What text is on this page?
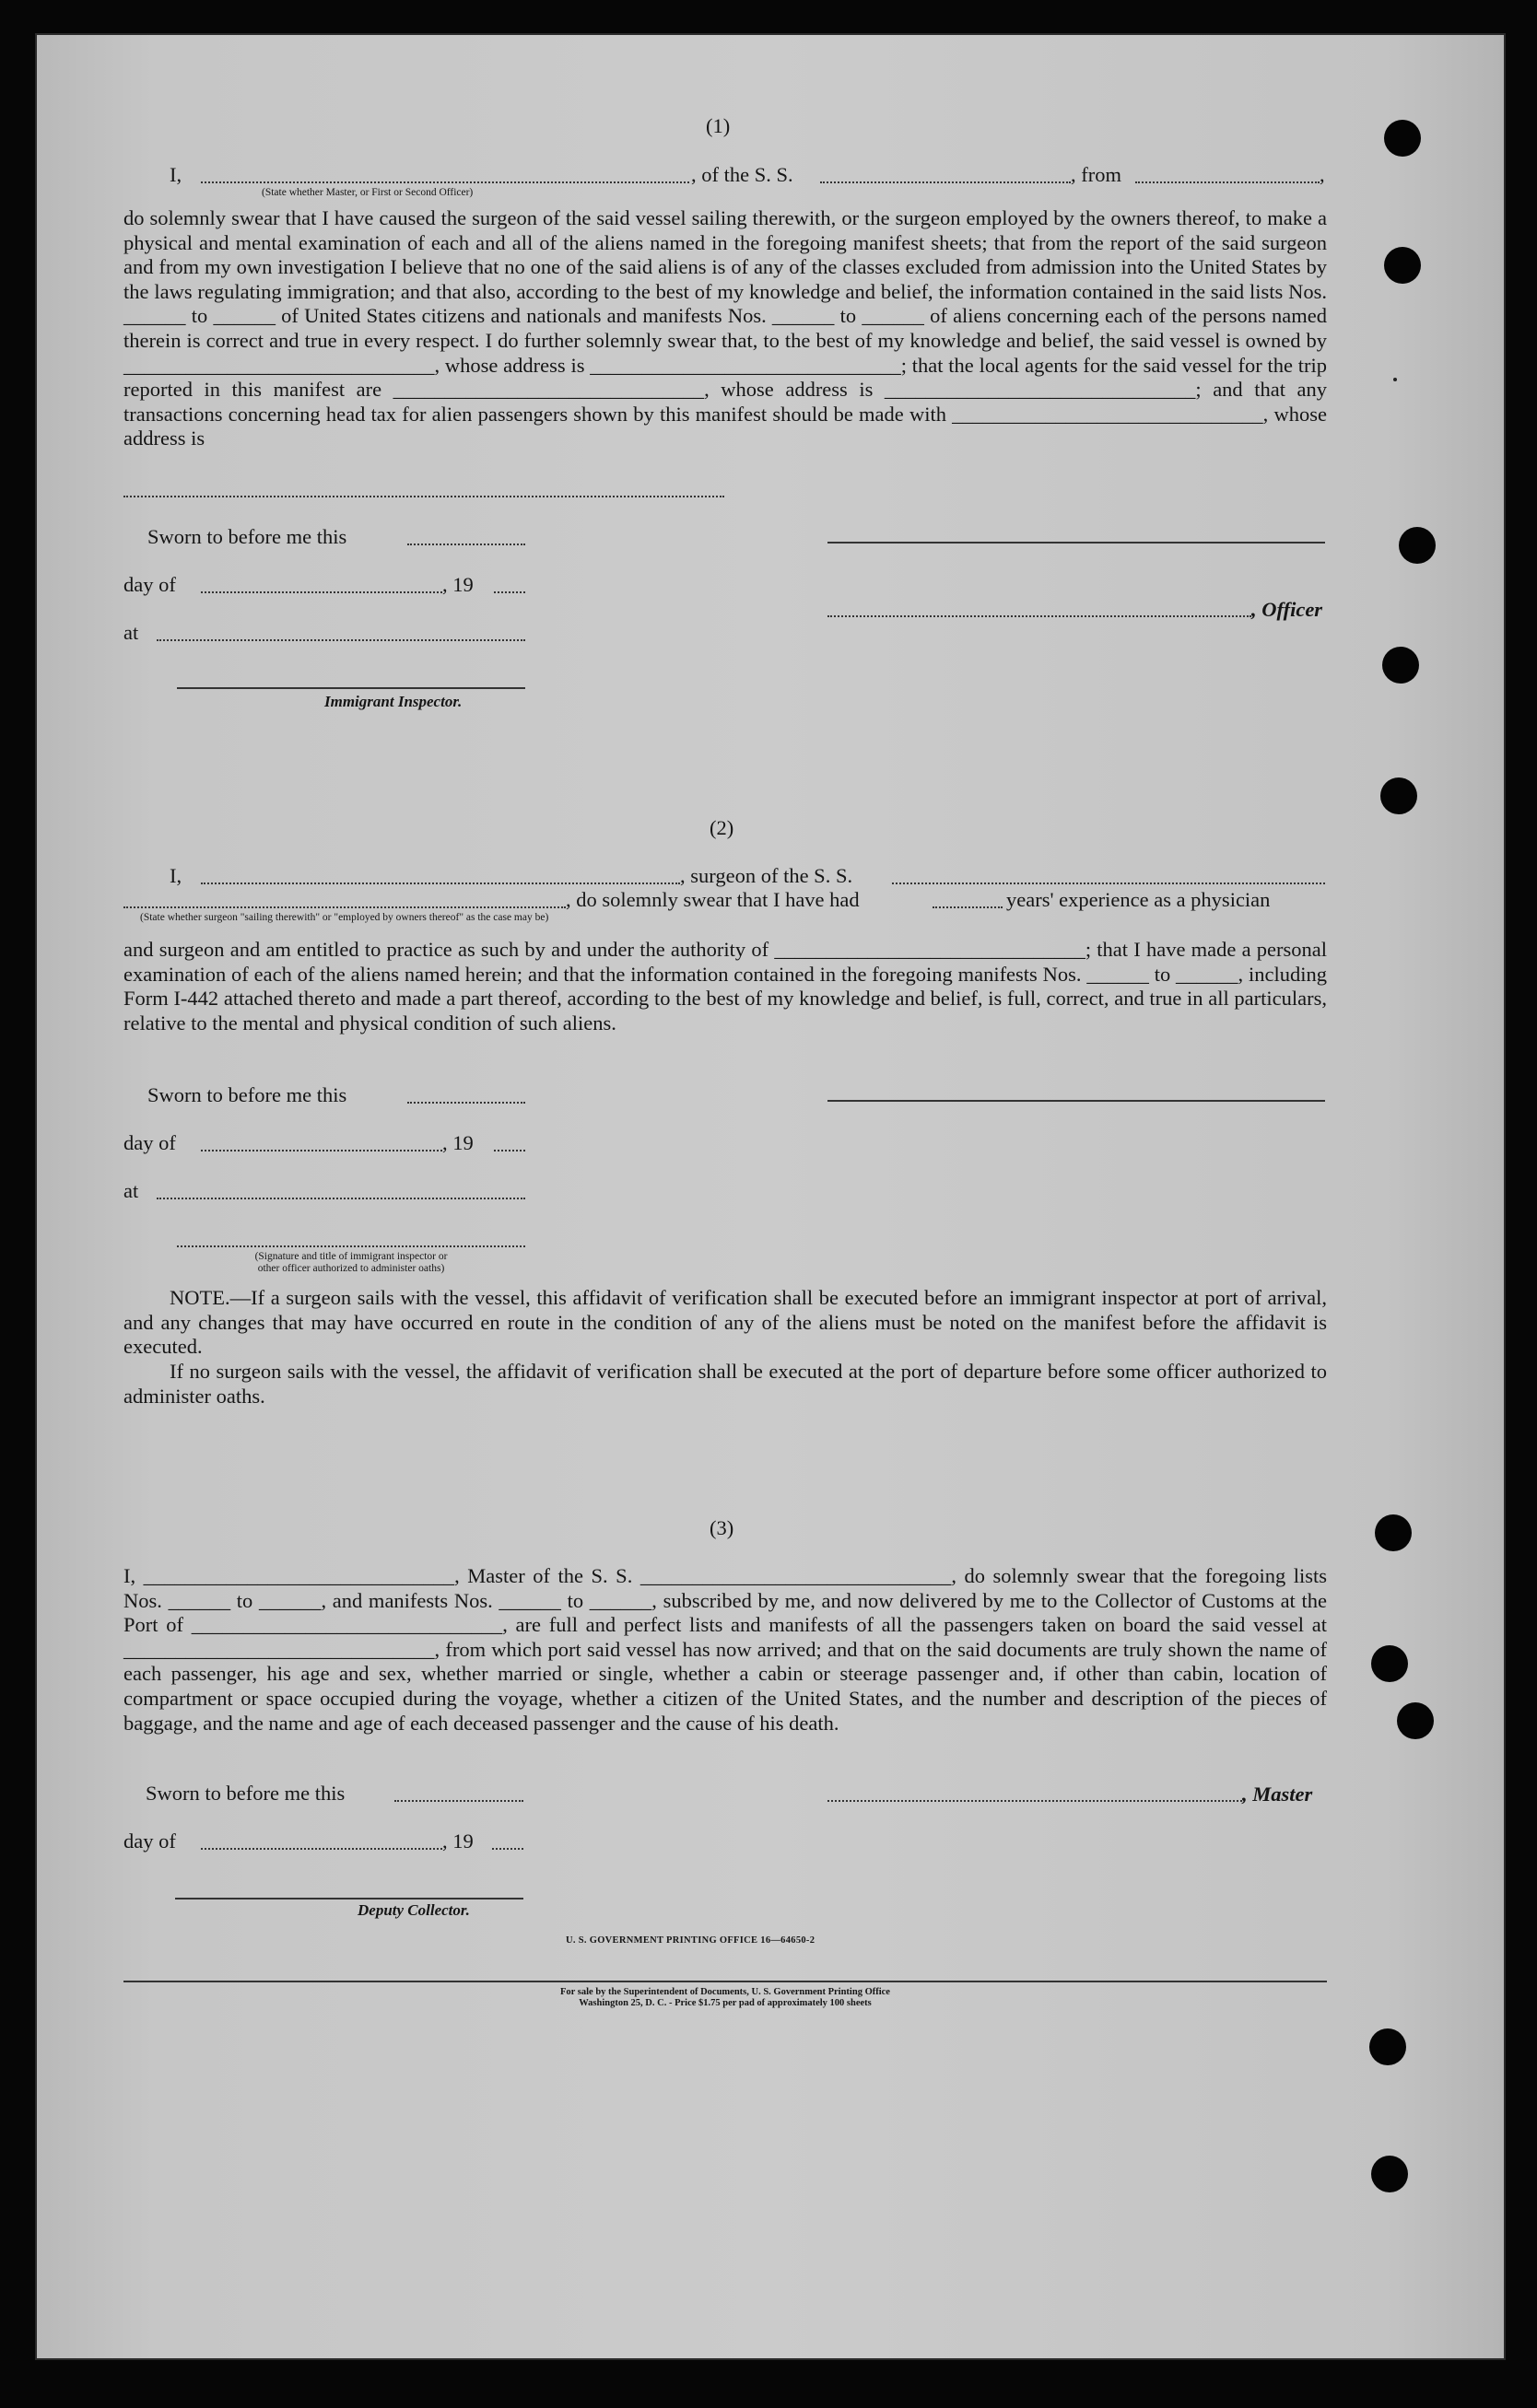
(1)
I,	, of the S. S.	, from	,
(State whether Master, or First or Second Officer)
do solemnly swear that I have caused the surgeon of the said vessel sailing therewith, or the surgeon employed by the owners thereof, to make a physical and mental examination of each and all of the aliens named in the foregoing manifest sheets; that from the report of the said surgeon and from my own investigation I believe that no one of the said aliens is of any of the classes excluded from admission into the United States by the laws regulating immigration; and that also, according to the best of my knowledge and belief, the information contained in the said lists Nos. ______ to ______ of United States citizens and nationals and manifests Nos. ______ to ______ of aliens concerning each of the persons named therein is correct and true in every respect. I do further solemnly swear that, to the best of my knowledge and belief, the said vessel is owned by ______________________________, whose address is ______________________________; that the local agents for the said vessel for the trip reported in this manifest are ______________________________, whose address is ______________________________; and that any transactions concerning head tax for alien passengers shown by this manifest should be made with ______________________________, whose address is
Sworn to before me this
day of	, 19
, Officer
at
Immigrant Inspector.
(2)
I,	, surgeon of the S. S.
, do solemnly swear that I have had	years' experience as a physician
(State whether surgeon "sailing therewith" or "employed by owners thereof" as the case may be)
and surgeon and am entitled to practice as such by and under the authority of ______________________________; that I have made a personal examination of each of the aliens named herein; and that the information contained in the foregoing manifests Nos. ______ to ______, including Form I-442 attached thereto and made a part thereof, according to the best of my knowledge and belief, is full, correct, and true in all particulars, relative to the mental and physical condition of such aliens.
Sworn to before me this
day of	, 19
at
(Signature and title of immigrant inspector or
other officer authorized to administer oaths)
NOTE.—If a surgeon sails with the vessel, this affidavit of verification shall be executed before an immigrant inspector at port of arrival, and any changes that may have occurred en route in the condition of any of the aliens must be noted on the manifest before the affidavit is executed.
If no surgeon sails with the vessel, the affidavit of verification shall be executed at the port of departure before some officer authorized to administer oaths.
(3)
I, ______________________________, Master of the S. S. ______________________________, do solemnly swear that the foregoing lists Nos. ______ to ______, and manifests Nos. ______ to ______, subscribed by me, and now delivered by me to the Collector of Customs at the Port of ______________________________, are full and perfect lists and manifests of all the passengers taken on board the said vessel at ______________________________, from which port said vessel has now arrived; and that on the said documents are truly shown the name of each passenger, his age and sex, whether married or single, whether a cabin or steerage passenger and, if other than cabin, location of compartment or space occupied during the voyage, whether a citizen of the United States, and the number and description of the pieces of baggage, and the name and age of each deceased passenger and the cause of his death.
Sworn to before me this	, Master
day of	, 19
Deputy Collector.
U. S. GOVERNMENT PRINTING OFFICE 16—64650-2
For sale by the Superintendent of Documents, U. S. Government Printing Office
Washington 25, D. C. - Price $1.75 per pad of approximately 100 sheets
